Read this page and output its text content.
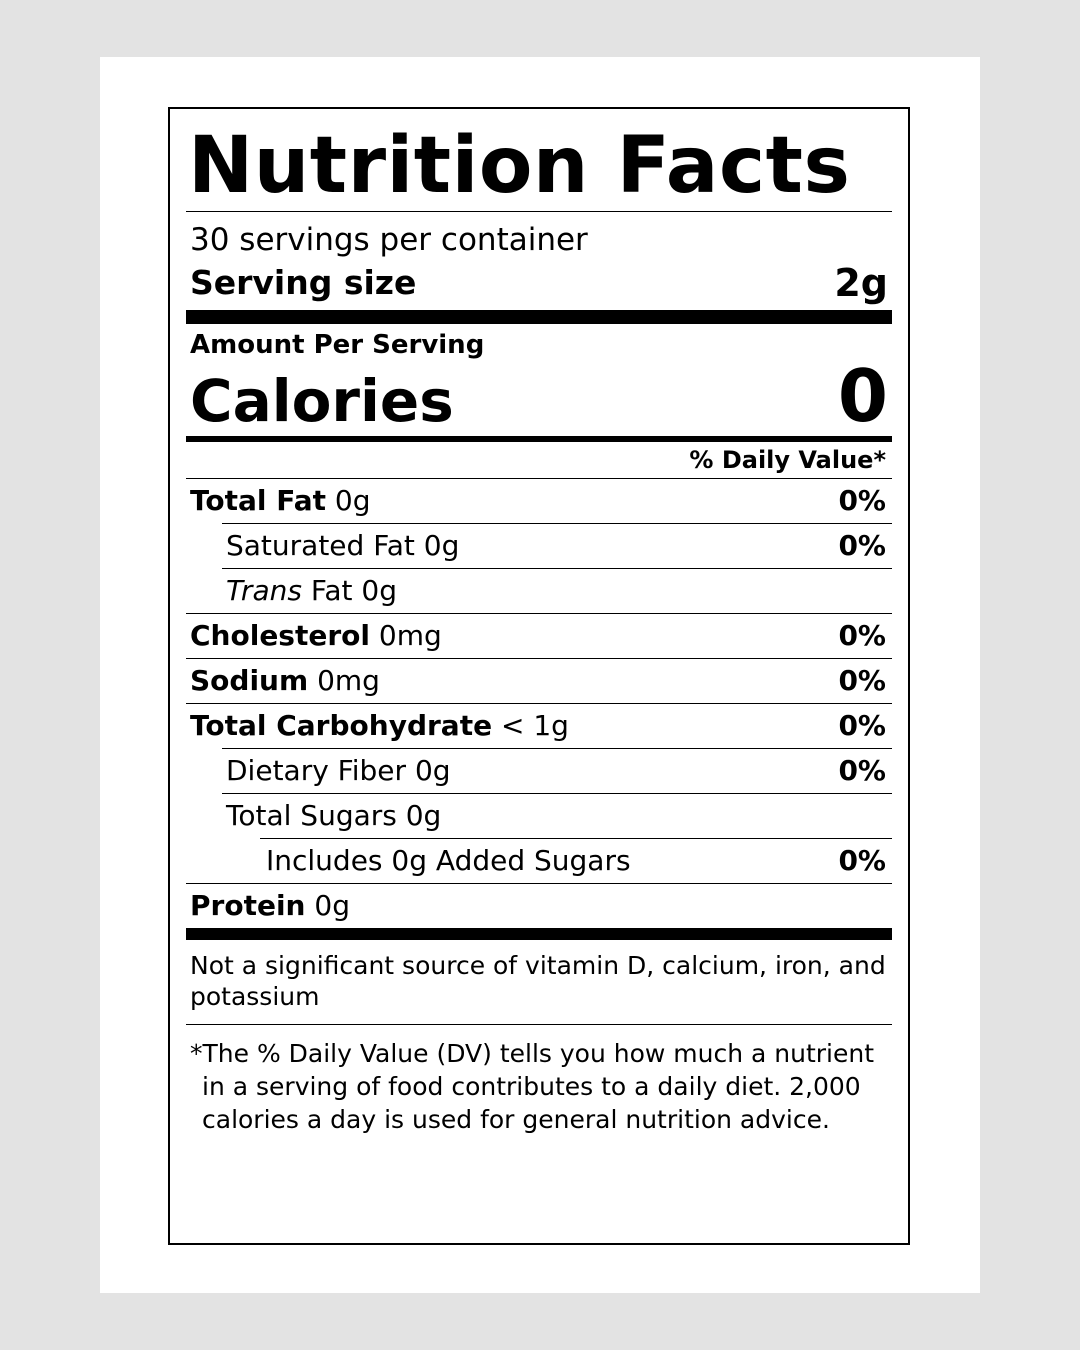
Nutrition Facts
30 servings per container
Serving size	2g
Amount Per Serving
Calories	0
% Daily Value*
Total Fat 0g	0%
Saturated Fat 0g	0%
Trans Fat 0g
Cholesterol 0mg	0%
Sodium 0mg	0%
Total Carbohydrate < 1g	0%
Dietary Fiber 0g	0%
Total Sugars 0g
Includes 0g Added Sugars	0%
Protein 0g
Not a significant source of vitamin D, calcium, iron, and potassium
*The % Daily Value (DV) tells you how much a nutrient in a serving of food contributes to a daily diet. 2,000 calories a day is used for general nutrition advice.
